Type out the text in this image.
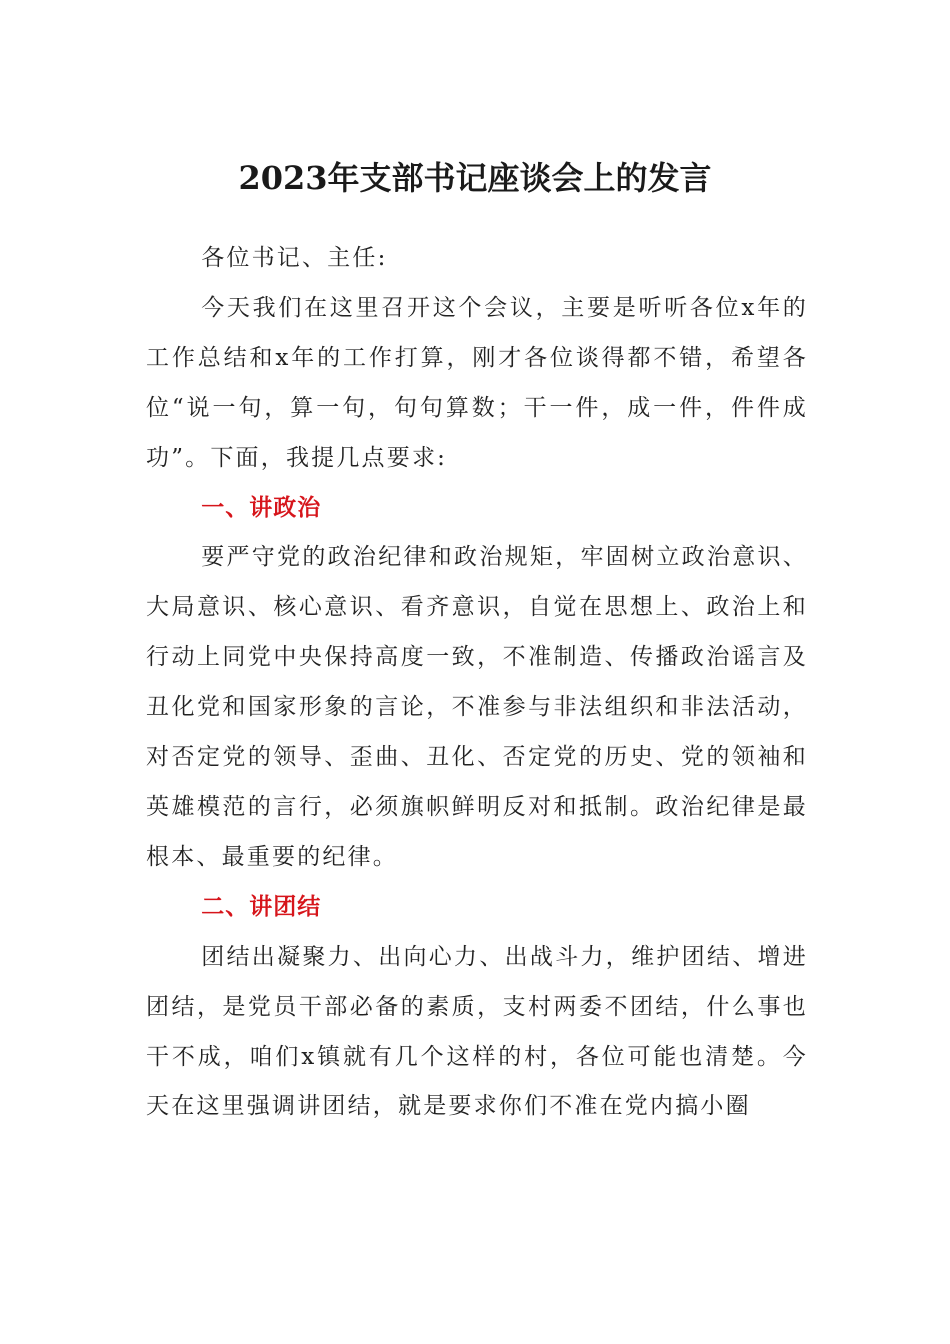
2023年支部书记座谈会上的发言

各位书记、主任:

今天我们在这里召开这个会议，主要是听听各位x年的工作总结和x年的工作打算，刚才各位谈得都不错，希望各位“说一句，算一句，句句算数；干一件，成一件，件件成功”。下面，我提几点要求:

一、讲政治

要严守党的政治纪律和政治规矩，牢固树立政治意识、大局意识、核心意识、看齐意识，自觉在思想上、政治上和行动上同党中央保持高度一致，不准制造、传播政治谣言及丑化党和国家形象的言论，不准参与非法组织和非法活动，对否定党的领导、歪曲、丑化、否定党的历史、党的领袖和英雄模范的言行，必须旗帜鲜明反对和抵制。政治纪律是最根本、最重要的纪律。

二、讲团结

团结出凝聚力、出向心力、出战斗力，维护团结、增进团结，是党员干部必备的素质，支村两委不团结，什么事也干不成，咱们x镇就有几个这样的村，各位可能也清楚。今天在这里强调讲团结，就是要求你们不准在党内搞小圈
